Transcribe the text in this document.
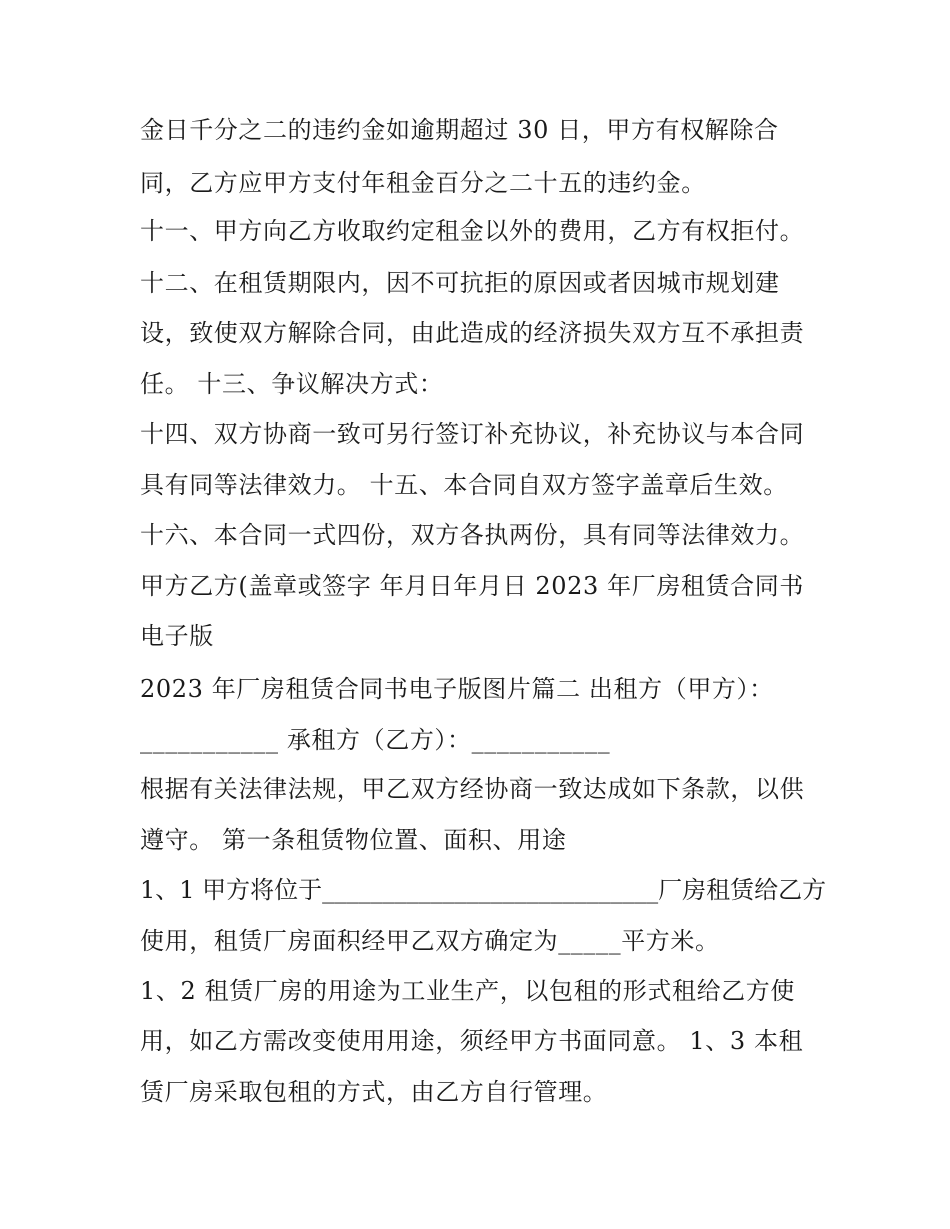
金日千分之二的违约金如逾期超过 30 日，甲方有权解除合
同，乙方应甲方支付年租金百分之二十五的违约金。
十一、甲方向乙方收取约定租金以外的费用，乙方有权拒付。
十二、在租赁期限内，因不可抗拒的原因或者因城市规划建
设，致使双方解除合同，由此造成的经济损失双方互不承担责
任。 十三、争议解决方式：
十四、双方协商一致可另行签订补充协议，补充协议与本合同
具有同等法律效力。 十五、本合同自双方签字盖章后生效。
十六、本合同一式四份，双方各执两份，具有同等法律效力。
甲方乙方(盖章或签字 年月日年月日 2023 年厂房租赁合同书
电子版
2023 年厂房租赁合同书电子版图片篇二 出租方（甲方）：
___________ 承租方（乙方）：___________
根据有关法律法规，甲乙双方经协商一致达成如下条款，以供
遵守。 第一条租赁物位置、面积、用途
1、1 甲方将位于____________________________厂房租赁给乙方
使用，租赁厂房面积经甲乙双方确定为_____平方米。
1、2 租赁厂房的用途为工业生产，以包租的形式租给乙方使
用，如乙方需改变使用用途，须经甲方书面同意。 1、3 本租
赁厂房采取包租的方式，由乙方自行管理。
